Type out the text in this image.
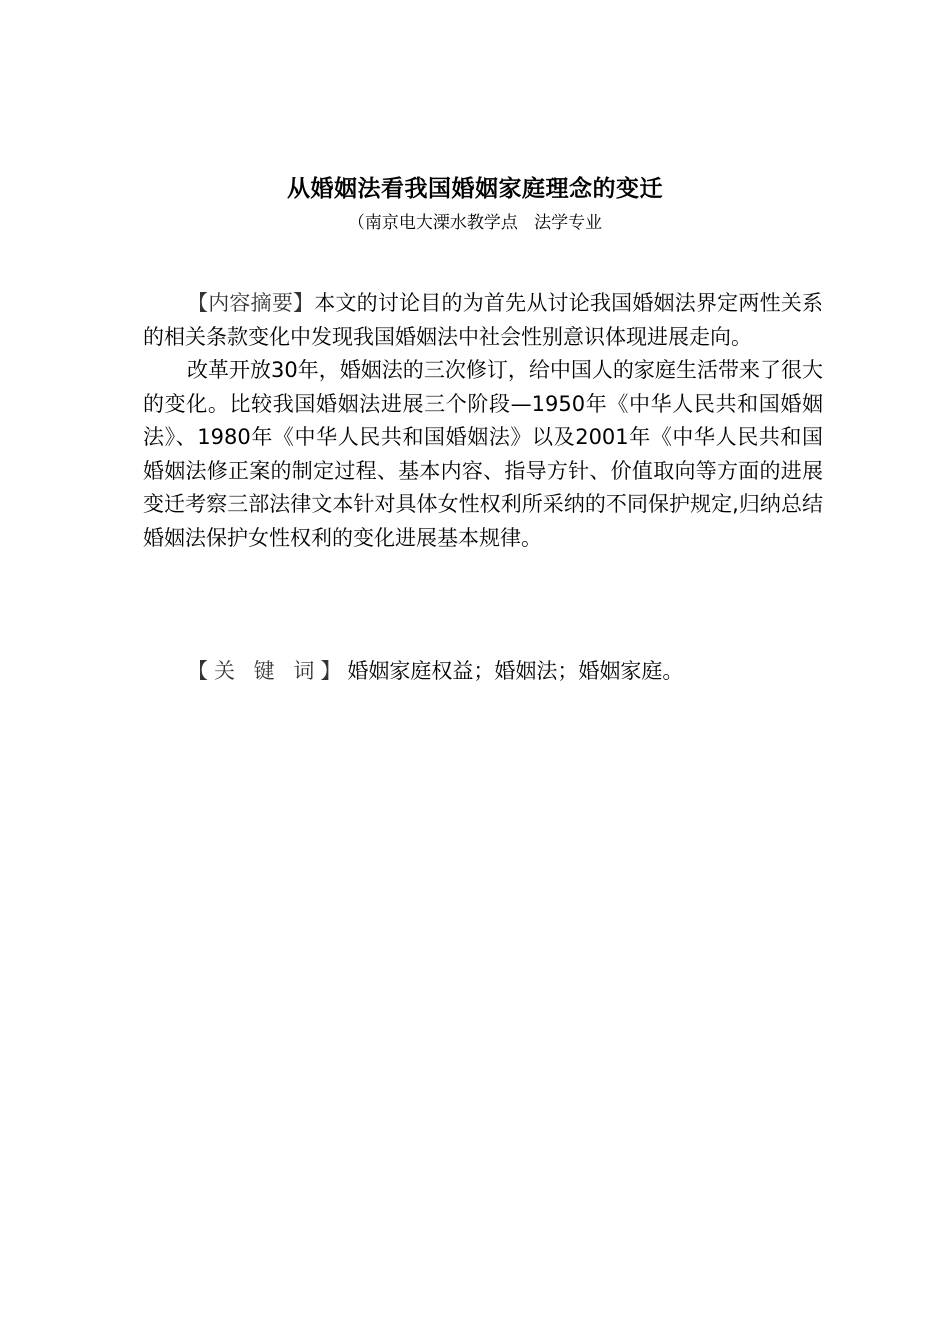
从婚姻法看我国婚姻家庭理念的变迁

（南京电大溧水教学点   法学专业

【内容摘要】本文的讨论目的为首先从讨论我国婚姻法界定两性关系的相关条款变化中发现我国婚姻法中社会性别意识体现进展走向。

改革开放30年，婚姻法的三次修订，给中国人的家庭生活带来了很大的变化。比较我国婚姻法进展三个阶段—1950年《中华人民共和国婚姻法》、1980年《中华人民共和国婚姻法》以及2001年《中华人民共和国婚姻法修正案的制定过程、基本内容、指导方针、价值取向等方面的进展变迁考察三部法律文本针对具体女性权利所采纳的不同保护规定,归纳总结婚姻法保护女性权利的变化进展基本规律。

【关 键 词】婚姻家庭权益；婚姻法；婚姻家庭。
